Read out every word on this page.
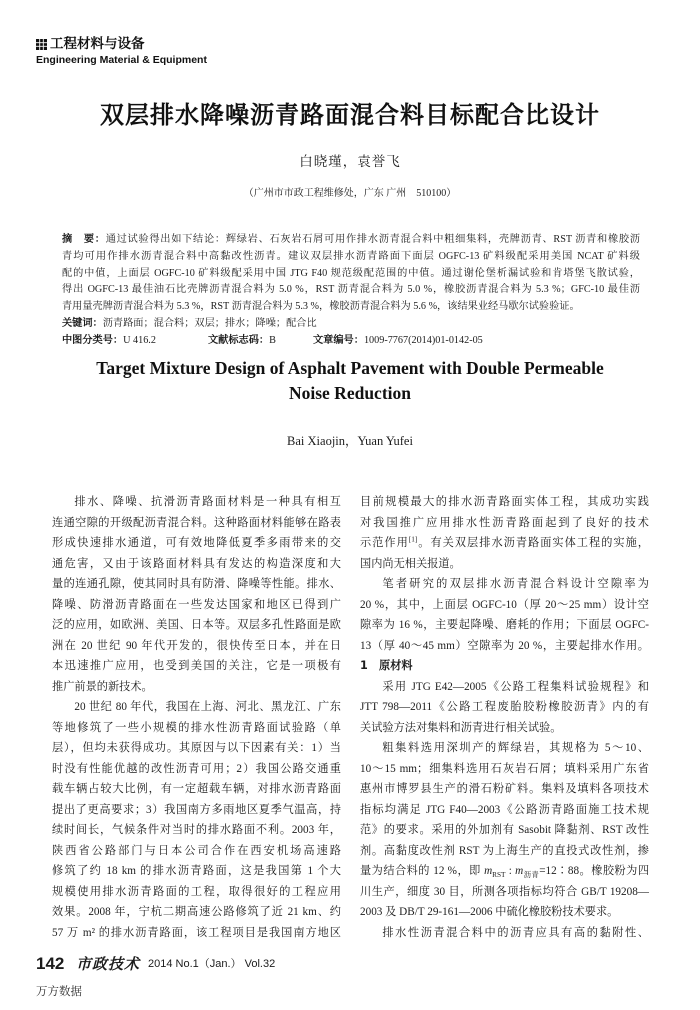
工程材料与设备
Engineering Material & Equipment
双层排水降噪沥青路面混合料目标配合比设计
白晓瑾，袁誉飞
（广州市市政工程维修处，广东 广州　510100）
摘　要：通过试验得出如下结论：辉绿岩、石灰岩石屑可用作排水沥青混合料中粗细集料，壳牌沥青、RST 沥青和橡胶沥
青均可用作排水沥青混合料中高黏改性沥青。建议双层排水沥青路面下面层 OGFC-13 矿料级配采用美国 NCAT 矿料级
配的中值，上面层 OGFC-10 矿料级配采用中国 JTG F40 规范级配范围的中值。通过谢伦堡析漏试验和肯塔堡飞散试验，
得出 OGFC-13 最佳油石比壳牌沥青混合料为 5.0 %，RST 沥青混合料为 5.0 %，橡胶沥青混合料为 5.3 %；GFC-10 最佳沥
青用量壳牌沥青混合料为 5.3 %，RST 沥青混合料为 5.3 %，橡胶沥青混合料为 5.6 %，该结果业经马歇尔试验验证。
关键词：沥青路面；混合料；双层；排水；降噪；配合比
中图分类号：U 416.2	文献标志码：B	文章编号：1009-7767(2014)01-0142-05
Target Mixture Design of Asphalt Pavement with Double Permeable
Noise Reduction
Bai Xiaojin，Yuan Yufei
排水、降噪、抗滑沥青路面材料是一种具有相互
连通空隙的开级配沥青混合料。这种路面材料能够在路表
形成快速排水通道，可有效地降低夏季多雨带来的交
通危害，又由于该路面材料具有发达的构造深度和大
量的连通孔隙，使其同时具有防滑、降噪等性能。排水、
降噪、防滑沥青路面在一些发达国家和地区已得到广
泛的应用，如欧洲、美国、日本等。双层多孔性路面是欧
洲在 20 世纪 90 年代开发的，很快传至日本，并在日
本迅速推广应用，也受到美国的关注，它是一项极有
推广前景的新技术。
20 世纪 80 年代，我国在上海、河北、黑龙江、广东
等地修筑了一些小规模的排水性沥青路面试验路（单
层），但均未获得成功。其原因与以下因素有关：1）当
时没有性能优越的改性沥青可用；2）我国公路交通重
载车辆占较大比例，有一定超载车辆，对排水沥青路面
提出了更高要求；3）我国南方多雨地区夏季气温高，持
续时间长，气候条件对当时的排水路面不利。2003 年，
陕西省公路部门与日本公司合作在西安机场高速路
修筑了约 18 km 的排水沥青路面，这是我国第 1 个大
规模使用排水沥青路面的工程，取得很好的工程应用
效果。2008 年，宁杭二期高速公路修筑了近 21 km、约
57 万 m² 的排水沥青路面，该工程项目是我国南方地区
目前规模最大的排水沥青路面实体工程，其成功实践
对我国推广应用排水性沥青路面起到了良好的技术
示范作用[1]。有关双层排水沥青路面实体工程的实施，
国内尚无相关报道。
笔者研究的双层排水沥青混合料设计空隙率为
20 %，其中，上面层 OGFC-10（厚 20～25 mm）设计空
隙率为 16 %，主要起降噪、磨耗的作用；下面层 OGFC-
13（厚 40～45 mm）空隙率为 20 %，主要起排水作用。
1　 原材料
采用 JTG E42—2005《公路工程集料试验规程》和
JTT 798—2011《公路工程废胎胶粉橡胶沥青》内的有
关试验方法对集料和沥青进行相关试验。
粗集料选用深圳产的辉绿岩，其规格为 5～10、
10～15 mm；细集料选用石灰岩石屑；填料采用广东省
惠州市博罗县生产的滑石粉矿料。集料及填料各项技术
指标均满足 JTG F40—2003《公路沥青路面施工技术规
范》的要求。采用的外加剂有 Sasobit 降黏剂、RST 改性
剂。高黏度改性剂 RST 为上海生产的直投式改性剂，掺
量为结合料的 12 %，即 $m_{RST}$ : $m_{沥青}=12∶88$。橡胶粉为四
川生产，细度 30 目，所测各项指标均符合 GB/T 19208—
2003 及 DB/T 29-161—2006 中硫化橡胶粉技术要求。
排水性沥青混合料中的沥青应具有高的黏附性、
142 市政技术 2014 No.1（Jan.） Vol.32
万方数据
